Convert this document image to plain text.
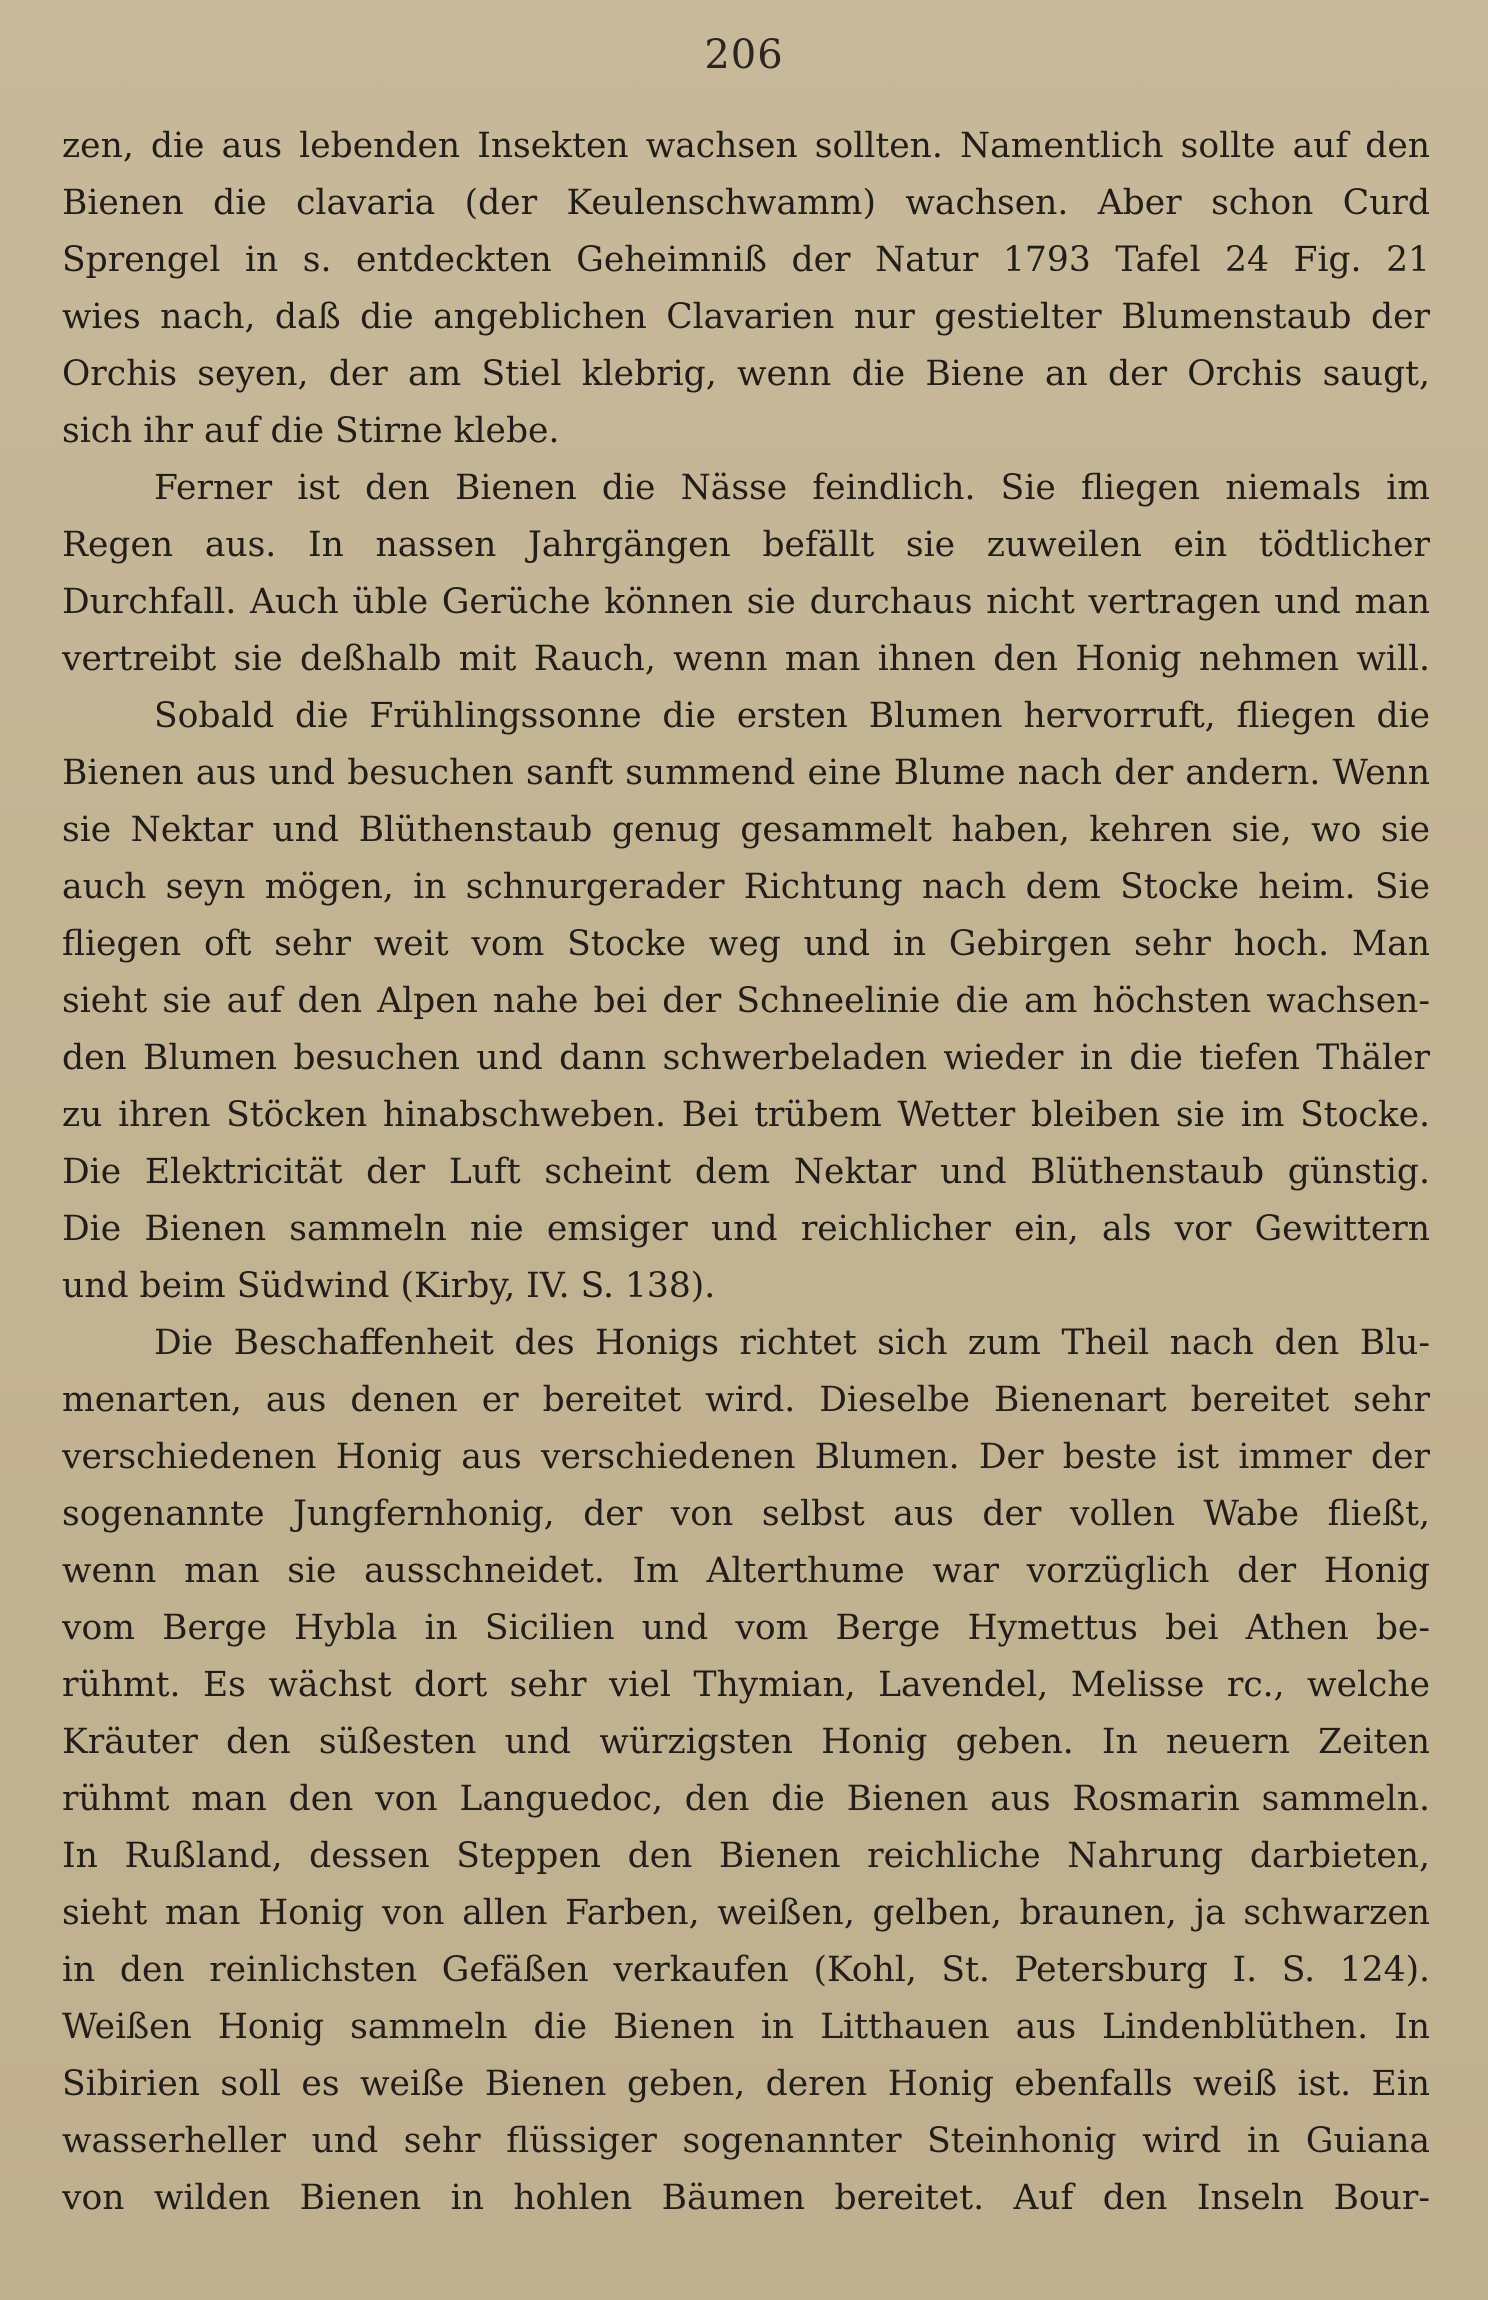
206
zen, die aus lebenden Insekten wachsen sollten. Namentlich sollte auf den
Bienen die clavaria (der Keulenschwamm) wachsen. Aber schon Curd
Sprengel in s. entdeckten Geheimniß der Natur 1793 Tafel 24 Fig. 21
wies nach, daß die angeblichen Clavarien nur gestielter Blumenstaub der
Orchis seyen, der am Stiel klebrig, wenn die Biene an der Orchis saugt,
sich ihr auf die Stirne klebe.
Ferner ist den Bienen die Nässe feindlich. Sie fliegen niemals im
Regen aus. In nassen Jahrgängen befällt sie zuweilen ein tödtlicher
Durchfall. Auch üble Gerüche können sie durchaus nicht vertragen und man
vertreibt sie deßhalb mit Rauch, wenn man ihnen den Honig nehmen will.
Sobald die Frühlingssonne die ersten Blumen hervorruft, fliegen die
Bienen aus und besuchen sanft summend eine Blume nach der andern. Wenn
sie Nektar und Blüthenstaub genug gesammelt haben, kehren sie, wo sie
auch seyn mögen, in schnurgerader Richtung nach dem Stocke heim. Sie
fliegen oft sehr weit vom Stocke weg und in Gebirgen sehr hoch. Man
sieht sie auf den Alpen nahe bei der Schneelinie die am höchsten wachsen-
den Blumen besuchen und dann schwerbeladen wieder in die tiefen Thäler
zu ihren Stöcken hinabschweben. Bei trübem Wetter bleiben sie im Stocke.
Die Elektricität der Luft scheint dem Nektar und Blüthenstaub günstig.
Die Bienen sammeln nie emsiger und reichlicher ein, als vor Gewittern
und beim Südwind (Kirby, IV. S. 138).
Die Beschaffenheit des Honigs richtet sich zum Theil nach den Blu-
menarten, aus denen er bereitet wird. Dieselbe Bienenart bereitet sehr
verschiedenen Honig aus verschiedenen Blumen. Der beste ist immer der
sogenannte Jungfernhonig, der von selbst aus der vollen Wabe fließt,
wenn man sie ausschneidet. Im Alterthume war vorzüglich der Honig
vom Berge Hybla in Sicilien und vom Berge Hymettus bei Athen be-
rühmt. Es wächst dort sehr viel Thymian, Lavendel, Melisse rc., welche
Kräuter den süßesten und würzigsten Honig geben. In neuern Zeiten
rühmt man den von Languedoc, den die Bienen aus Rosmarin sammeln.
In Rußland, dessen Steppen den Bienen reichliche Nahrung darbieten,
sieht man Honig von allen Farben, weißen, gelben, braunen, ja schwarzen
in den reinlichsten Gefäßen verkaufen (Kohl, St. Petersburg I. S. 124).
Weißen Honig sammeln die Bienen in Litthauen aus Lindenblüthen. In
Sibirien soll es weiße Bienen geben, deren Honig ebenfalls weiß ist. Ein
wasserheller und sehr flüssiger sogenannter Steinhonig wird in Guiana
von wilden Bienen in hohlen Bäumen bereitet. Auf den Inseln Bour-
